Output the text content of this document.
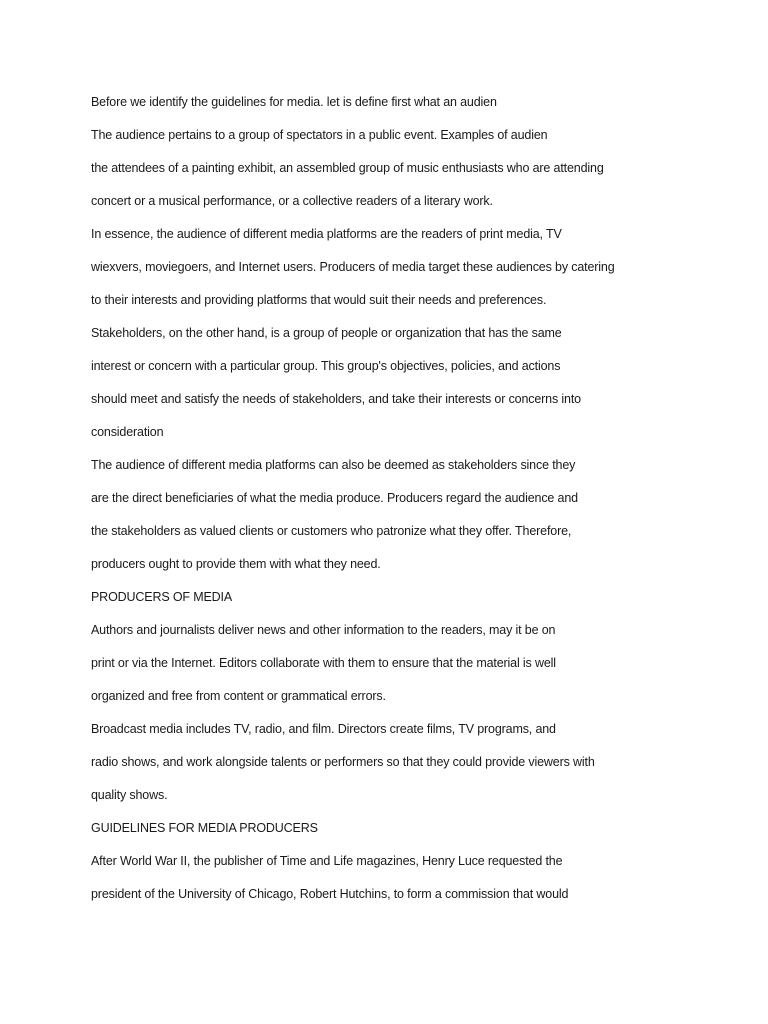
Before we identify the guidelines for media. let is define first what an audien
The audience pertains to a group of spectators in a public event. Examples of audien
the attendees of a painting exhibit, an assembled group of music enthusiasts who are attending
concert or a musical performance, or a collective readers of a literary work.
In essence, the audience of different media platforms are the readers of print media, TV
wiexvers, moviegoers, and Internet users. Producers of media target these audiences by catering
to their interests and providing platforms that would suit their needs and preferences.
Stakeholders, on the other hand, is a group of people or organization that has the same
interest or concern with a particular group. This group's objectives, policies, and actions
should meet and satisfy the needs of stakeholders, and take their interests or concerns into
consideration
The audience of different media platforms can also be deemed as stakeholders since they
are the direct beneficiaries of what the media produce. Producers regard the audience and
the stakeholders as valued clients or customers who patronize what they offer. Therefore,
producers ought to provide them with what they need.
PRODUCERS OF MEDIA
Authors and journalists deliver news and other information to the readers, may it be on
print or via the Internet. Editors collaborate with them to ensure that the material is well
organized and free from content or grammatical errors.
Broadcast media includes TV, radio, and film. Directors create films, TV programs, and
radio shows, and work alongside talents or performers so that they could provide viewers with
quality shows.
GUIDELINES FOR MEDIA PRODUCERS
After World War II, the publisher of Time and Life magazines, Henry Luce requested the
president of the University of Chicago, Robert Hutchins, to form a commission that would
